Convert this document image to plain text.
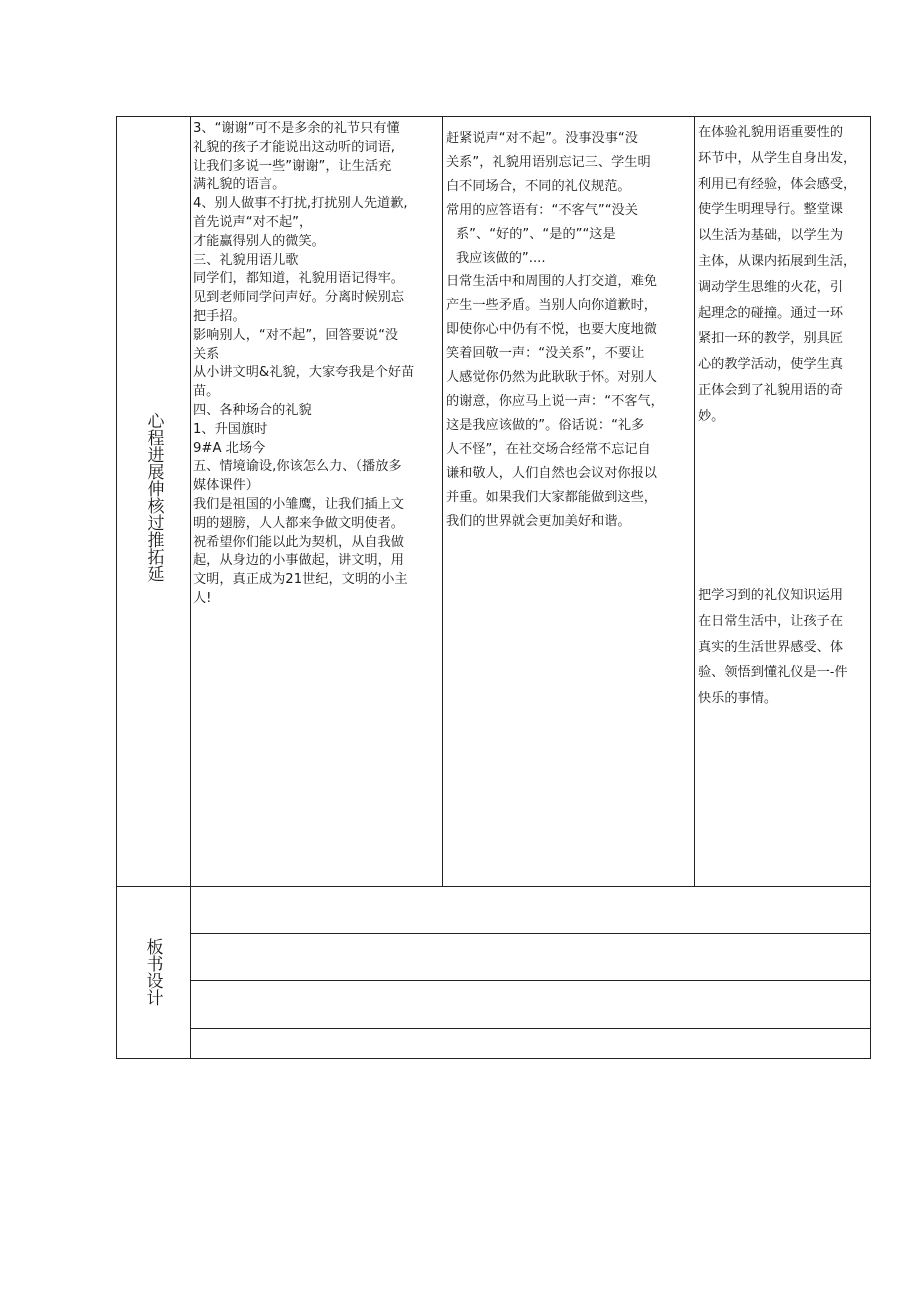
心程进展伸核过推拓延
板书设计
3、“谢谢”可不是多余的礼节只有懂
礼貌的孩子才能说出这动听的词语,
让我们多说一些”谢谢”，让生活充
满礼貌的语言。
4、别人做事不打扰,打扰别人先道歉,
首先说声“对不起”，
才能赢得别人的微笑。
三、礼貌用语儿歌
同学们，都知道，礼貌用语记得牢。
见到老师同学问声好。分离时候别忘
把手招。
影响别人，“对不起”，回答要说“没
关系
从小讲文明&礼貌，大家夸我是个好苗
苗。
四、各种场合的礼貌
1、升国旗时
9#A 北场今
五、情境谕设,你该怎么力、（播放多
媒体课件）
我们是祖国的小雏鹰，让我们插上文
明的翅膀，人人都来争做文明使者。
祝希望你们能以此为契机，从自我做
起，从身边的小事做起，讲文明，用
文明，真正成为21世纪，文明的小主
人!
赶紧说声“对不起”。没事没事“没
关系”，礼貌用语别忘记三、学生明
白不同场合，不同的礼仪规范。
常用的应答语有：“不客气”“没关
系”、“好的”、“是的”“这是
我应该做的”....
日常生活中和周围的人打交道，难免
产生一些矛盾。当别人向你道歉时，
即使你心中仍有不悦，也要大度地微
笑着回敬一声：“没关系”，不要让
人感觉你仍然为此耿耿于怀。对别人
的谢意，你应马上说一声：“不客气，
这是我应该做的”。俗话说：“礼多
人不怪”，在社交场合经常不忘记自
谦和敬人，人们自然也会议对你报以
并重。如果我们大家都能做到这些，
我们的世界就会更加美好和谐。
在体验礼貌用语重要性的
环节中，从学生自身出发，
利用已有经验，体会感受，
使学生明理导行。整堂课
以生活为基础，以学生为
主体，从课内拓展到生活，
调动学生思维的火花，引
起理念的碰撞。通过一环
紧扣一环的教学，别具匠
心的教学活动，使学生真
正体会到了礼貌用语的奇
妙。
把学习到的礼仪知识运用
在日常生活中，让孩子在
真实的生活世界感受、体
验、领悟到懂礼仪是一-件
快乐的事情。
